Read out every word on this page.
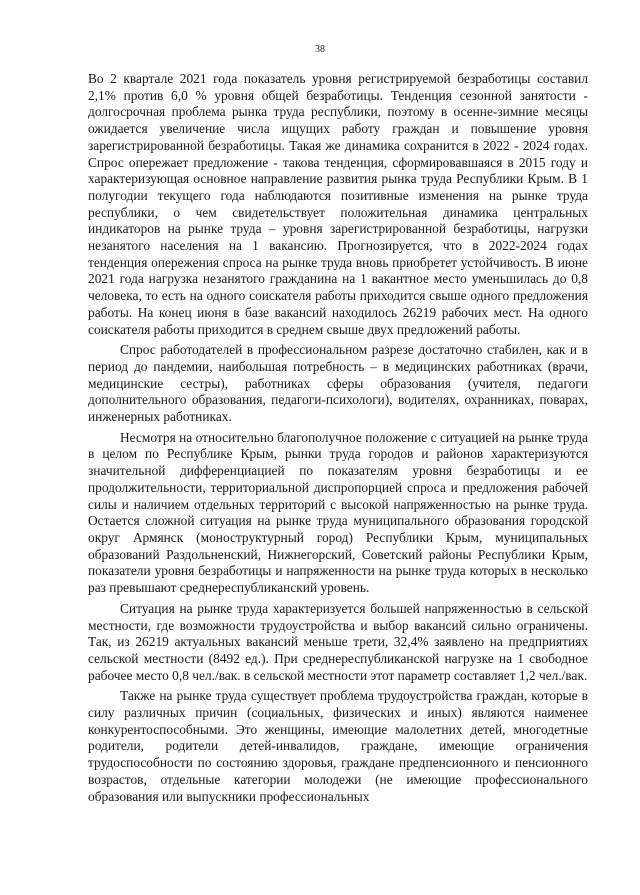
38

Во 2 квартале 2021 года показатель уровня регистрируемой безработицы составил 2,1% против 6,0 % уровня общей безработицы. Тенденция сезонной занятости - долгосрочная проблема рынка труда республики, поэтому в осенне-зимние месяцы ожидается увеличение числа ищущих работу граждан и повышение уровня зарегистрированной безработицы. Такая же динамика сохранится в 2022 - 2024 годах. Спрос опережает предложение - такова тенденция, сформировавшаяся в 2015 году и характеризующая основное направление развития рынка труда Республики Крым. В 1 полугодии текущего года наблюдаются позитивные изменения на рынке труда республики, о чем свидетельствует положительная динамика центральных индикаторов на рынке труда – уровня зарегистрированной безработицы, нагрузки незанятого населения на 1 вакансию. Прогнозируется, что в 2022-2024 годах тенденция опережения спроса на рынке труда вновь приобретет устойчивость. В июне 2021 года нагрузка незанятого гражданина на 1 вакантное место уменьшилась до 0,8 человека, то есть на одного соискателя работы приходится свыше одного предложения работы. На конец июня в базе вакансий находилось 26219 рабочих мест. На одного соискателя работы приходится в среднем свыше двух предложений работы.

Спрос работодателей в профессиональном разрезе достаточно стабилен, как и в период до пандемии, наибольшая потребность – в медицинских работниках (врачи, медицинские сестры), работниках сферы образования (учителя, педагоги дополнительного образования, педагоги-психологи), водителях, охранниках, поварах, инженерных работниках.

Несмотря на относительно благополучное положение с ситуацией на рынке труда в целом по Республике Крым, рынки труда городов и районов характеризуются значительной дифференциацией по показателям уровня безработицы и ее продолжительности, территориальной диспропорцией спроса и предложения рабочей силы и наличием отдельных территорий с высокой напряженностью на рынке труда. Остается сложной ситуация на рынке труда муниципального образования городской округ Армянск (моноструктурный город) Республики Крым, муниципальных образований Раздольненский, Нижнегорский, Советский районы Республики Крым, показатели уровня безработицы и напряженности на рынке труда которых в несколько раз превышают среднереспубликанский уровень.

Ситуация на рынке труда характеризуется большей напряженностью в сельской местности, где возможности трудоустройства и выбор вакансий сильно ограничены. Так, из 26219 актуальных вакансий меньше трети, 32,4% заявлено на предприятиях сельской местности (8492 ед.). При среднереспубликанской нагрузке на 1 свободное рабочее место 0,8 чел./вак. в сельской местности этот параметр составляет 1,2 чел./вак.

Также на рынке труда существует проблема трудоустройства граждан, которые в силу различных причин (социальных, физических и иных) являются наименее конкурентоспособными. Это женщины, имеющие малолетних детей, многодетные родители, родители детей-инвалидов, граждане, имеющие ограничения трудоспособности по состоянию здоровья, граждане предпенсионного и пенсионного возрастов, отдельные категории молодежи (не имеющие профессионального образования или выпускники профессиональных
